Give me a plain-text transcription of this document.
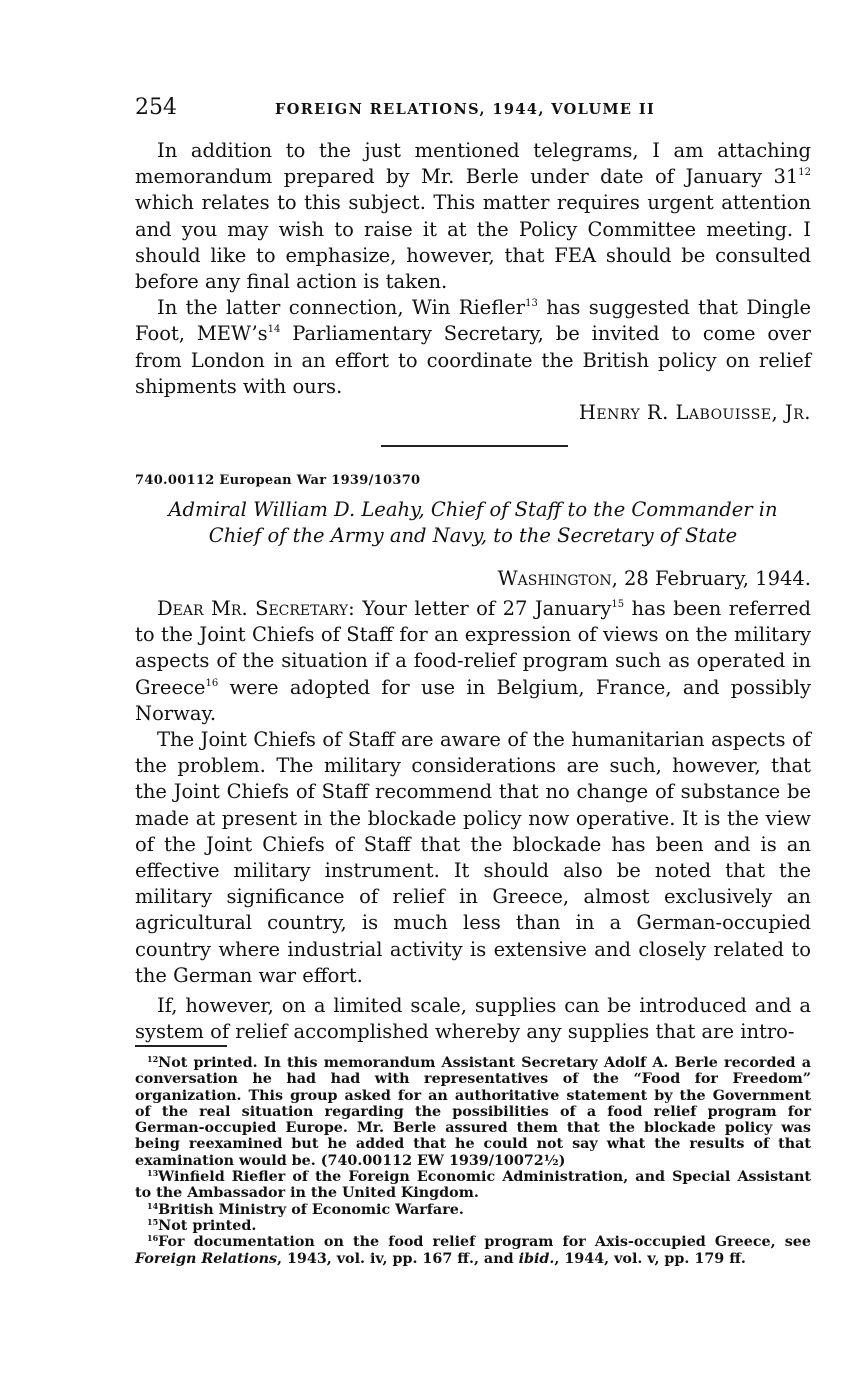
254	FOREIGN RELATIONS, 1944, VOLUME II

In addition to the just mentioned telegrams, I am attaching memorandum prepared by Mr. Berle under date of January $31^{12}$ which relates to this subject. This matter requires urgent attention and you may wish to raise it at the Policy Committee meeting. I should like to emphasize, however, that FEA should be consulted before any final action is taken.

In the latter connection, Win Riefler$^{13}$ has suggested that Dingle Foot, $MEW’s^{14}$ Parliamentary Secretary, be invited to come over from London in an effort to coordinate the British policy on relief shipments with ours.

Henry R. Labouisse, Jr.

740.00112 European War 1939/10370
Admiral William D. Leahy, Chief of Staff to the Commander in
Chief of the Army and Navy, to the Secretary of State
Washington, 28 February, 1944.

Dear Mr. Secretary: Your letter of 27 January$^{15}$ has been referred to the Joint Chiefs of Staff for an expression of views on the military aspects of the situation if a food-relief program such as operated in Greece$^{16}$ were adopted for use in Belgium, France, and possibly Norway.

The Joint Chiefs of Staff are aware of the humanitarian aspects of the problem. The military considerations are such, however, that the Joint Chiefs of Staff recommend that no change of substance be made at present in the blockade policy now operative. It is the view of the Joint Chiefs of Staff that the blockade has been and is an effective military instrument. It should also be noted that the military significance of relief in Greece, almost exclusively an agricultural country, is much less than in a German-occupied country where industrial activity is extensive and closely related to the German war effort.

If, however, on a limited scale, supplies can be introduced and a system of relief accomplished whereby any supplies that are intro-

$^{12}$Not printed. In this memorandum Assistant Secretary Adolf A. Berle recorded a conversation he had had with representatives of the “Food for Freedom” organization. This group asked for an authoritative statement by the Government of the real situation regarding the possibilities of a food relief program for German-occupied Europe. Mr. Berle assured them that the blockade policy was being reexamined but he added that he could not say what the results of that examination would be. (740.00112 EW 1939/10072½)

$^{13}$Winfield Riefler of the Foreign Economic Administration, and Special Assistant to the Ambassador in the United Kingdom.

$^{14}$British Ministry of Economic Warfare.

$^{15}$Not printed.

$^{16}$For documentation on the food relief program for Axis-occupied Greece, see Foreign Relations, 1943, vol. iv, pp. 167 ff., and ibid., 1944, vol. v, pp. 179 ff.
